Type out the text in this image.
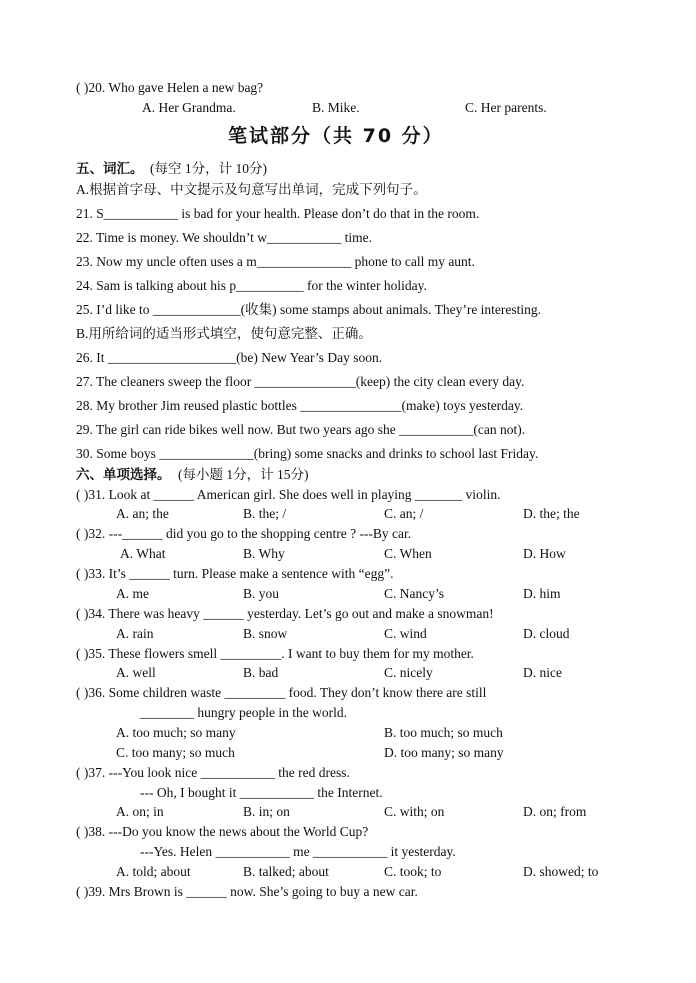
( )20. Who gave Helen a new bag?
A. Her Grandma.	B. Mike.	C. Her parents.
笔试部分（共 70 分）
五、词汇。 (每空 1分，计 10分)
A.根据首字母、中文提示及句意写出单词，完成下列句子。
21. S___________ is bad for your health. Please don’t do that in the room.
22. Time is money. We shouldn’t w___________ time.
23. Now my uncle often uses a m______________ phone to call my aunt.
24. Sam is talking about his p__________ for the winter holiday.
25. I’d like to _____________(收集) some stamps about animals. They’re interesting.
B.用所给词的适当形式填空，使句意完整、正确。
26. It ___________________(be) New Year’s Day soon.
27. The cleaners sweep the floor _______________(keep) the city clean every day.
28. My brother Jim reused plastic bottles _______________(make) toys yesterday.
29. The girl can ride bikes well now. But two years ago she ___________(can not).
30. Some boys ______________(bring) some snacks and drinks to school last Friday.
六、单项选择。 (每小题 1分，计 15分)
( )31. Look at ______ American girl. She does well in playing _______ violin.
A. an; the	B. the; /	C. an; /	D. the; the
( )32. ---______ did you go to the shopping centre ? ---By car.
A. What	B. Why	C. When	D. How
( )33. It’s ______ turn. Please make a sentence with “egg”.
A. me	B. you	C. Nancy’s	D. him
( )34. There was heavy ______ yesterday. Let’s go out and make a snowman!
A. rain	B. snow	C. wind	D. cloud
( )35. These flowers smell _________. I want to buy them for my mother.
A. well	B. bad	C. nicely	D. nice
( )36. Some children waste _________ food. They don’t know there are still
________ hungry people in the world.
A. too much; so many	B. too much; so much
C. too many; so much	D. too many; so many
( )37. ---You look nice ___________ the red dress.
--- Oh, I bought it ___________ the Internet.
A. on; in	B. in; on	C. with; on	D. on; from
( )38. ---Do you know the news about the World Cup?
---Yes. Helen ___________ me ___________ it yesterday.
A. told; about	B. talked; about	C. took; to	D. showed; to
( )39. Mrs Brown is ______ now. She’s going to buy a new car.
